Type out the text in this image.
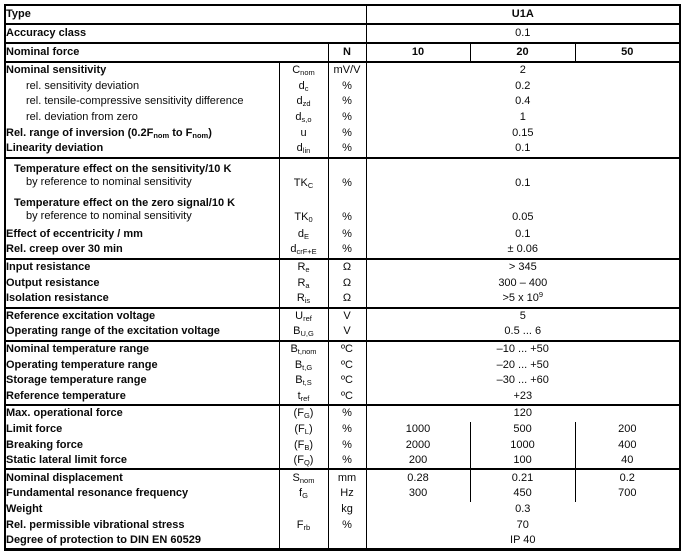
Type			U1A		
Accuracy class			0.1		
Nominal force		N	10	20	50
Nominal sensitivity	$C_{nom}$	mV/V	2		
rel. sensitivity deviation	$d_c$	%	0.2		
rel. tensile-compressive sensitivity difference	$d_{zd}$	%	0.4		
rel. deviation from zero	$d_{s,o}$	%	1		
Rel. range of inversion ($0.2F_{nom}$ to $F_{nom}$)	u	%	0.15		
Linearity deviation	$d_{lin}$	%	0.1		

Temperature effect on the sensitivity/10 K
by reference to nominal sensitivity	$TK_C$	%	0.1		

Temperature effect on the zero signal/10 K
by reference to nominal sensitivity	$TK_0$	%	0.05		
Effect of eccentricity / mm	$d_E$	%	0.1		
Rel. creep over 30 min	$d_{crF+E}$	%	± 0.06		
Input resistance	$R_e$	Ω	> 345		
Output resistance	$R_a$	Ω	300 – 400		
Isolation resistance	$R_{is}$	Ω	>5 x $10^9$
Reference excitation voltage	$U_{ref}$	V	5		
Operating range of the excitation voltage	$B_{U,G}$	V	0.5 ... 6		
Nominal temperature range	$B_{t,nom}$	ºC	–10 ... +50		
Operating temperature range	$B_{t,G}$	ºC	–20 ... +50		
Storage temperature range	$B_{t,S}$	ºC	–30 ... +60		
Reference temperature	$t_{ref}$	ºC	+23		
Max. operational force	$(F_G)$	%	120		
Limit force	$(F_L)$	%	1000	500	200
Breaking force	$(F_B)$	%	2000	1000	400
Static lateral limit force	$(F_Q)$	%	200	100	40
Nominal displacement	$S_{nom}$	mm	0.28	0.21	0.2
Fundamental resonance frequency	$f_G$	Hz	300	450	700
Weight		kg	0.3		
Rel. permissible vibrational stress	$F_{rb}$	%	70		
Degree of protection to DIN EN 60529			IP 40		
